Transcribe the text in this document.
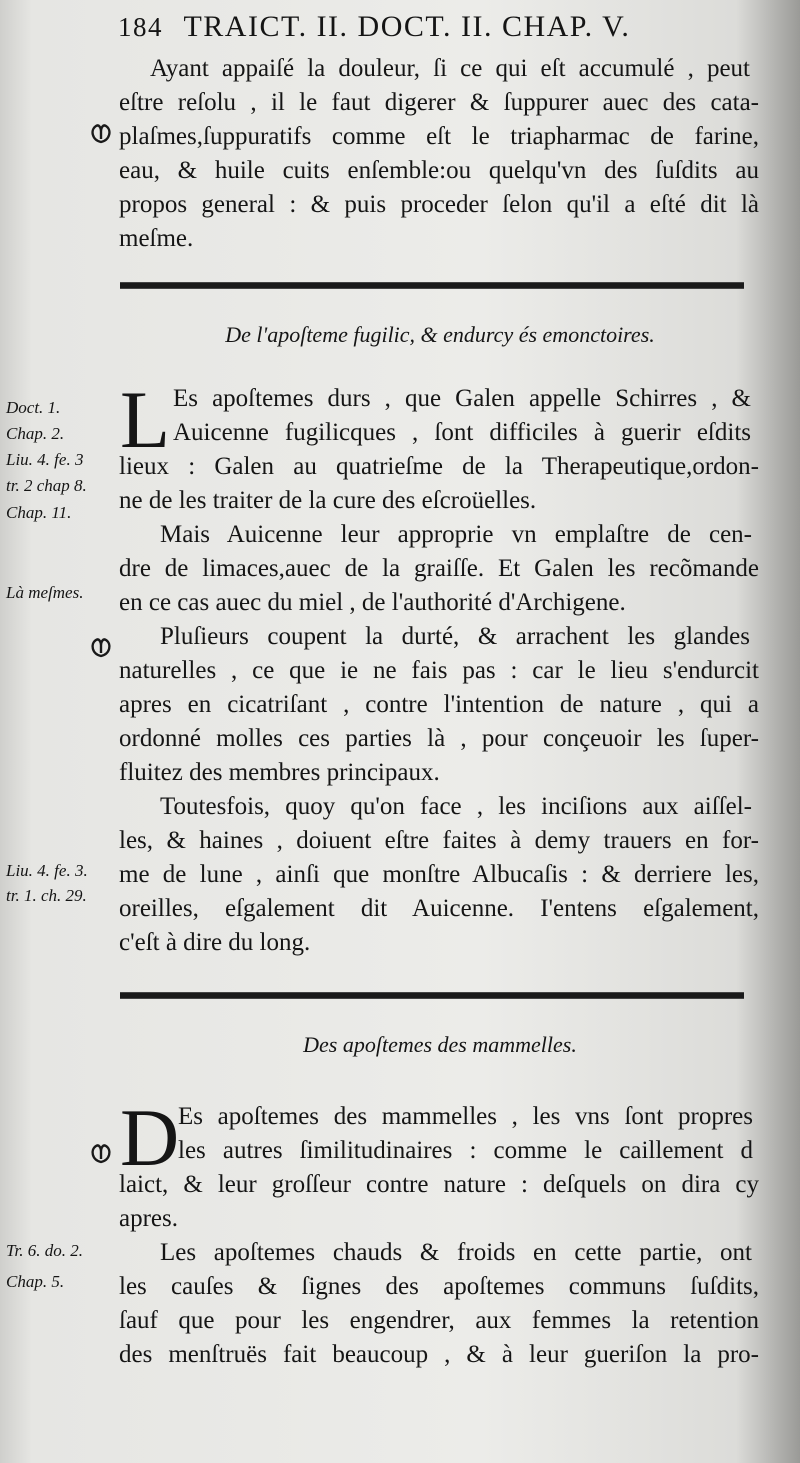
184 TRAICT. II. DOCT. II. CHAP. V.
Ayant appaiſé la douleur, ſi ce qui eſt accumulé , peut
eſtre reſolu , il le faut digerer & ſuppurer auec des cata-
plaſmes,ſuppuratifs comme eſt le triapharmac de farine,
eau, & huile cuits enſemble:ou quelqu'vn des ſuſdits au
propos general : & puis proceder ſelon qu'il a eſté dit là
meſme.
De l'apoſteme fugilic, & endurcy és emonctoires.
L Es apoſtemes durs , que Galen appelle Schirres , &
Auicenne fugilicques , ſont difficiles à guerir eſdits
lieux : Galen au quatrieſme de la Therapeutique,ordon-
ne de les traiter de la cure des eſcroüelles.
Mais Auicenne leur approprie vn emplaſtre de cen-
dre de limaces,auec de la graiſſe. Et Galen les recõmande
en ce cas auec du miel , de l'authorité d'Archigene.
Pluſieurs coupent la durté, & arrachent les glandes
naturelles , ce que ie ne fais pas : car le lieu s'endurcit
apres en cicatriſant , contre l'intention de nature , qui a
ordonné molles ces parties là , pour conçeuoir les ſuper-
fluitez des membres principaux.
Toutesfois, quoy qu'on face , les inciſions aux aiſſel-
les, & haines , doiuent eſtre faites à demy trauers en for-
me de lune , ainſi que monſtre Albucaſis : & derriere les,
oreilles, eſgalement dit Auicenne. I'entens eſgalement,
c'eſt à dire du long.
Doct. 1.
Chap. 2.
Liu. 4. fe. 3
tr. 2 chap 8.
Chap. 11.
Là meſmes.
Liu. 4. fe. 3.
tr. 1. ch. 29.
Des apoſtemes des mammelles.
D
Es apoſtemes des mammelles , les vns ſont propres
les autres ſimilitudinaires : comme le caillement d
laict, & leur groſſeur contre nature : deſquels on dira cy
apres.
Les apoſtemes chauds & froids en cette partie, ont
les cauſes & ſignes des apoſtemes communs ſuſdits,
ſauf que pour les engendrer, aux femmes la retention
des menſtruës fait beaucoup , & à leur gueriſon la pro-
Tr. 6. do. 2.
Chap. 5.
